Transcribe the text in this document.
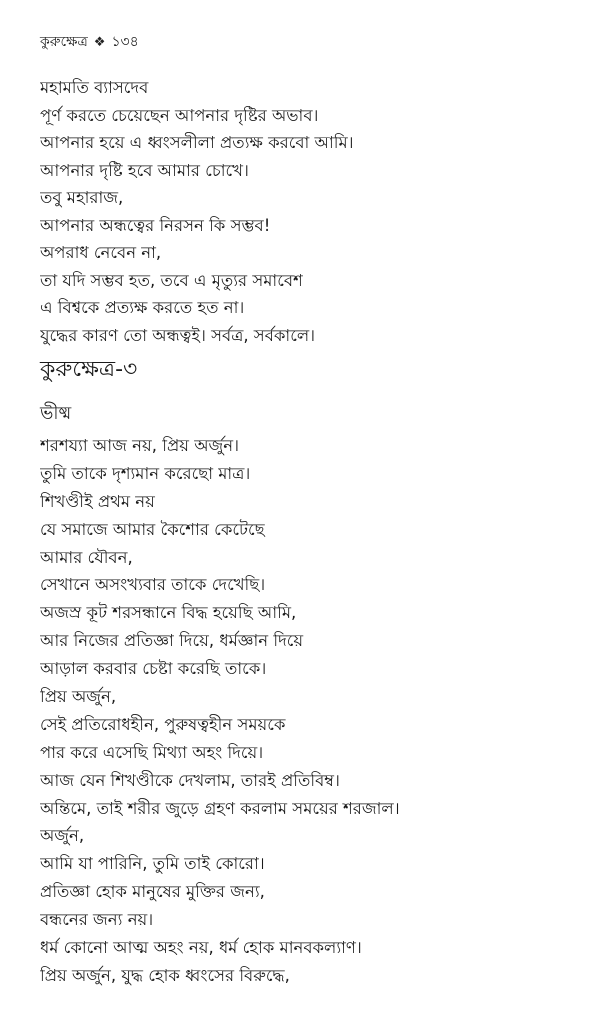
কুরুক্ষেত্র ❖ ১৩৪
মহামতি ব্যাসদেব
পূর্ণ করতে চেয়েছেন আপনার দৃষ্টির অভাব।
আপনার হয়ে এ ধ্বংসলীলা প্রত্যক্ষ করবো আমি।
আপনার দৃষ্টি হবে আমার চোখে।
তবু মহারাজ,
আপনার অন্ধত্বের নিরসন কি সম্ভব!
অপরাধ নেবেন না,
তা যদি সম্ভব হত, তবে এ মৃত্যুর সমাবেশ
এ বিশ্বকে প্রত্যক্ষ করতে হত না।
যুদ্ধের কারণ তো অন্ধত্বই। সর্বত্র, সর্বকালে।
কুরুক্ষেত্র-৩
ভীষ্ম
শরশয্যা আজ নয়, প্রিয় অর্জুন।
তুমি তাকে দৃশ্যমান করেছো মাত্র।
শিখণ্ডীই প্রথম নয়
যে সমাজে আমার কৈশোর কেটেছে
আমার যৌবন,
সেখানে অসংখ্যবার তাকে দেখেছি।
অজস্র কূট শরসন্ধানে বিদ্ধ হয়েছি আমি,
আর নিজের প্রতিজ্ঞা দিয়ে, ধর্মজ্ঞান দিয়ে
আড়াল করবার চেষ্টা করেছি তাকে।
প্রিয় অর্জুন,
সেই প্রতিরোধহীন, পুরুষত্বহীন সময়কে
পার করে এসেছি মিথ্যা অহং দিয়ে।
আজ যেন শিখণ্ডীকে দেখলাম, তারই প্রতিবিম্ব।
অন্তিমে, তাই শরীর জুড়ে গ্রহণ করলাম সময়ের শরজাল।
অর্জুন,
আমি যা পারিনি, তুমি তাই কোরো।
প্রতিজ্ঞা হোক মানুষের মুক্তির জন্য,
বন্ধনের জন্য নয়।
ধর্ম কোনো আত্ম অহং নয়, ধর্ম হোক মানবকল্যাণ।
প্রিয় অর্জুন, যুদ্ধ হোক ধ্বংসের বিরুদ্ধে,
